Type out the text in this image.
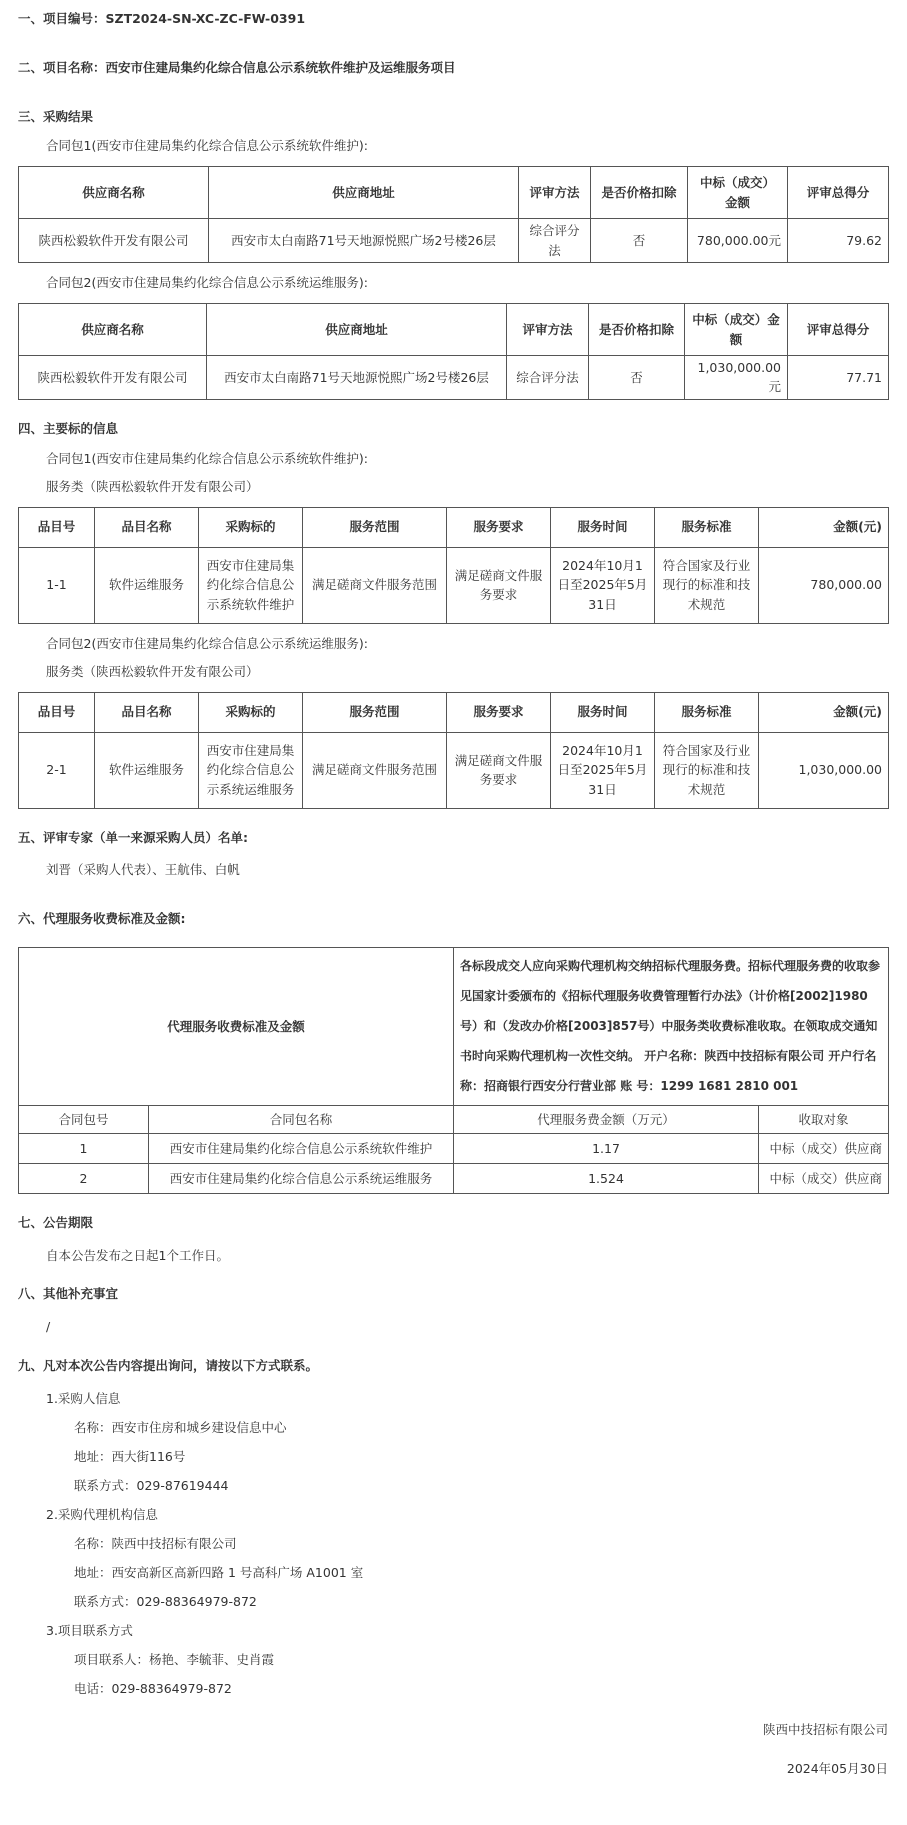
一、项目编号：SZT2024-SN-XC-ZC-FW-0391

二、项目名称：西安市住建局集约化综合信息公示系统软件维护及运维服务项目

三、采购结果

合同包1(西安市住建局集约化综合信息公示系统软件维护):

供应商名称	供应商地址	评审方法	是否价格扣除	中标（成交）金额	评审总得分
陕西松毅软件开发有限公司	西安市太白南路71号天地源悦熙广场2号楼26层	综合评分法	否	780,000.00元	79.62

合同包2(西安市住建局集约化综合信息公示系统运维服务):

供应商名称	供应商地址	评审方法	是否价格扣除	中标（成交）金额	评审总得分
陕西松毅软件开发有限公司	西安市太白南路71号天地源悦熙广场2号楼26层	综合评分法	否	1,030,000.00元	77.71

四、主要标的信息

合同包1(西安市住建局集约化综合信息公示系统软件维护):

服务类（陕西松毅软件开发有限公司）

品目号	品目名称	采购标的	服务范围	服务要求	服务时间	服务标准	金额(元)
1-1	软件运维服务	西安市住建局集约化综合信息公示系统软件维护	满足磋商文件服务范围	满足磋商文件服务要求	2024年10月1日至2025年5月31日	符合国家及行业现行的标准和技术规范	780,000.00

合同包2(西安市住建局集约化综合信息公示系统运维服务):

服务类（陕西松毅软件开发有限公司）

品目号	品目名称	采购标的	服务范围	服务要求	服务时间	服务标准	金额(元)
2-1	软件运维服务	西安市住建局集约化综合信息公示系统运维服务	满足磋商文件服务范围	满足磋商文件服务要求	2024年10月1日至2025年5月31日	符合国家及行业现行的标准和技术规范	1,030,000.00

五、评审专家（单一来源采购人员）名单:

刘晋（采购人代表）、王航伟、白帆

六、代理服务收费标准及金额:

代理服务收费标准及金额		各标段成交人应向采购代理机构交纳招标代理服务费。招标代理服务费的收取参见国家计委颁布的《招标代理服务收费管理暂行办法》（计价格[2002]1980号）和（发改办价格[2003]857号）中服务类收费标准收取。在领取成交通知书时向采购代理机构一次性交纳。 开户名称：陕西中技招标有限公司 开户行名称：招商银行西安分行营业部 账 号：1299 1681 2810 001	
合同包号	合同包名称	代理服务费金额（万元）	收取对象
1	西安市住建局集约化综合信息公示系统软件维护	1.17	中标（成交）供应商
2	西安市住建局集约化综合信息公示系统运维服务	1.524	中标（成交）供应商

七、公告期限

自本公告发布之日起1个工作日。

八、其他补充事宜

/

九、凡对本次公告内容提出询问，请按以下方式联系。

1.采购人信息

名称：西安市住房和城乡建设信息中心

地址：西大街116号

联系方式：029-87619444

2.采购代理机构信息

名称：陕西中技招标有限公司

地址：西安高新区高新四路 1 号高科广场 A1001 室

联系方式：029-88364979-872

3.项目联系方式

项目联系人：杨艳、李毓菲、史肖霞

电话：029-88364979-872

陕西中技招标有限公司

2024年05月30日
